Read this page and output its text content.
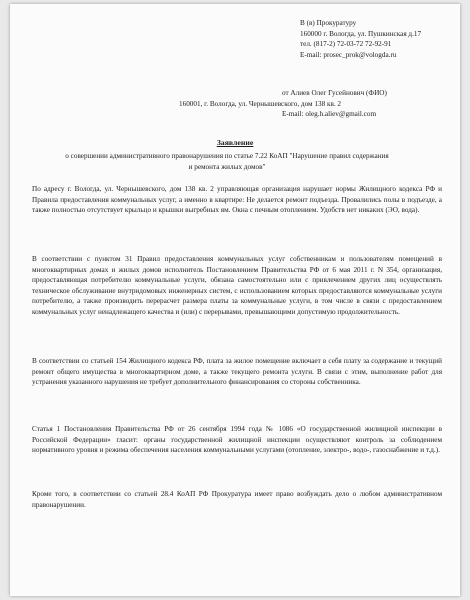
В (в) Прокуратуру
160000 г. Вологда, ул. Пушкинская д.17
тел. (817-2) 72-03-72 72-92-91
E-mail: prosec_prok@vologda.ru
от Алиев Олег Гусейнович (ФИО)
160001, г. Вологда, ул. Чернышевского, дом 138 кв. 2
E-mail: oleg.h.aliev@gmail.com
Заявление
о совершении административного правонарушения по статье 7.22 КоАП "Нарушение правил содержания и ремонта жилых домов"
По адресу г. Вологда, ул. Чернышевского, дом 138 кв. 2 управляющая организация нарушает нормы Жилищного кодекса РФ и Правила предоставления коммунальных услуг, а именно в квартире: Не делается ремонт подъезда. Провалились полы в подъезде, а также полностью отсутствует крыльцо и крышки выгребных ям. Окна с печным отоплением. Удобств нет никаких (ЭО, вода).
В соответствии с пунктом 31 Правил предоставления коммунальных услуг собственникам и пользователям помещений в многоквартирных домах и жилых домов исполнитель Постановлением Правительства РФ от 6 мая 2011 г. N 354, организация, предоставляющая потребителю коммунальные услуги, обязана самостоятельно или с привлечением других лиц осуществлять техническое обслуживание внутридомовых инженерных систем, с использованием которых предоставляются коммунальные услуги потребителю, а также производить перерасчет размера платы за коммунальные услуги, в том числе в связи с предоставлением коммунальных услуг ненадлежащего качества и (или) с перерывами, превышающими допустимую продолжительность.
В соответствии со статьей 154 Жилищного кодекса РФ, плата за жилое помещение включает в себя плату за содержание и текущий ремонт общего имущества в многоквартирном доме, а также текущего ремонта услуги. В связи с этим, выполнение работ для устранения указанного нарушения не требует дополнительного финансирования со стороны собственника.
Статья 1 Постановления Правительства РФ от 26 сентября 1994 года № 1086 «О государственной жилищной инспекции в Российской Федерации» гласит: органы государственной жилищной инспекции осуществляют контроль за соблюдением нормативного уровня и режима обеспечения населения коммунальными услугами (отопление, электро-, водо-, газоснабжение и т.д.).
Кроме того, в соответствии со статьей 28.4 КоАП РФ Прокуратура имеет право возбуждать дело о любом административном правонарушении.
